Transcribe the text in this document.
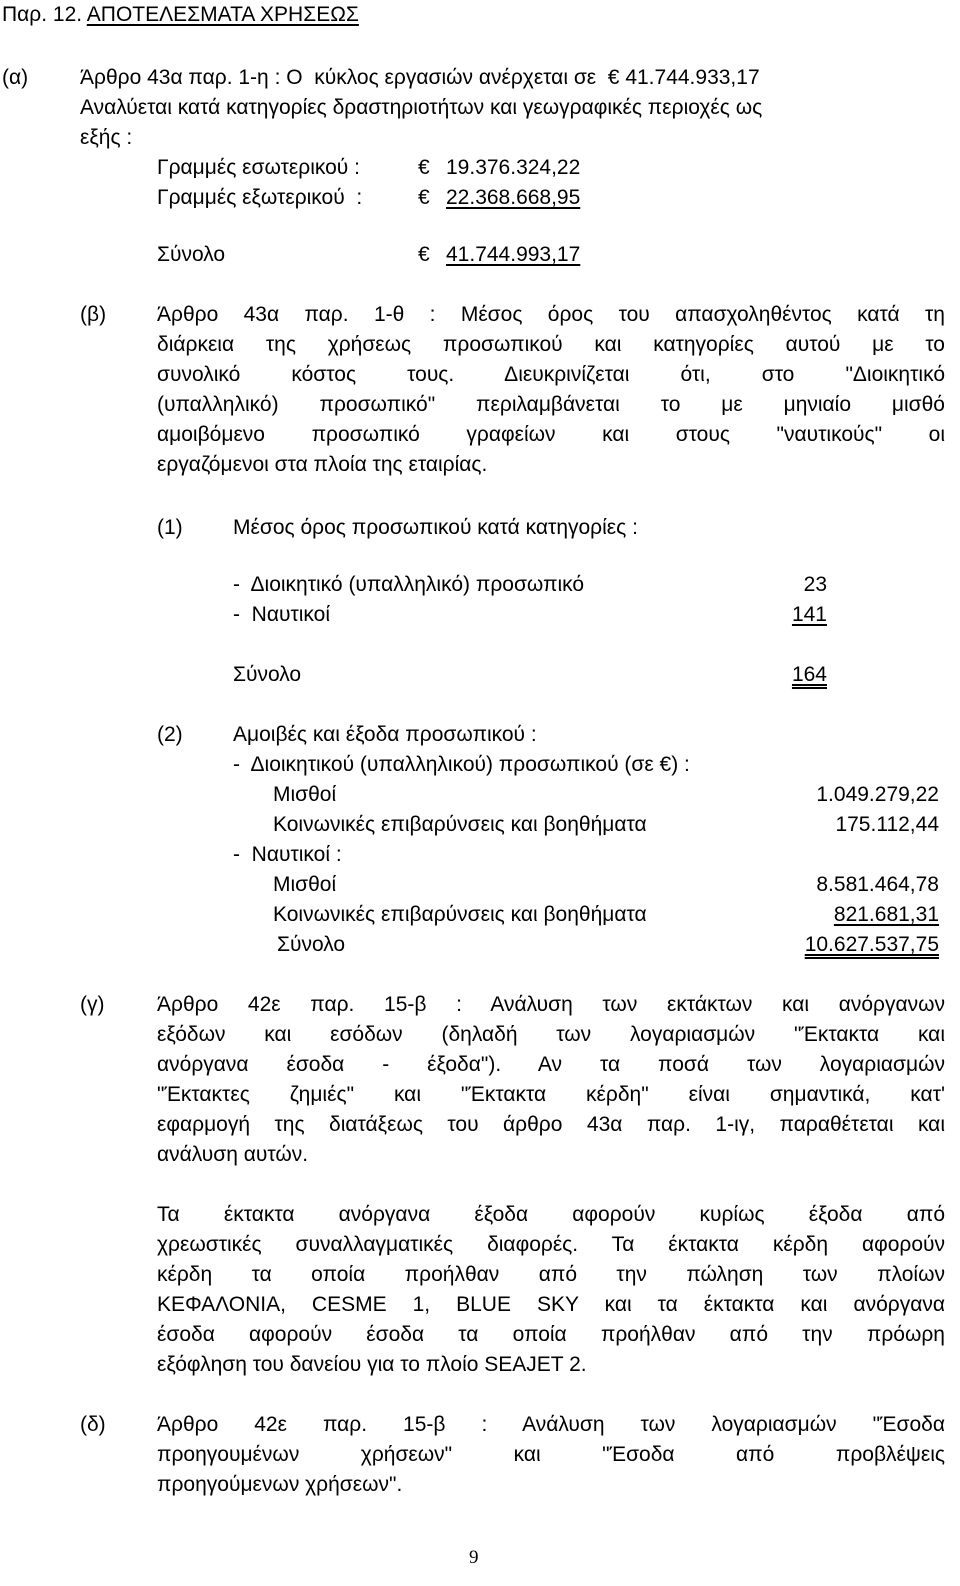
Παρ. 12. ΑΠΟΤΕΛΕΣΜΑΤΑ ΧΡΗΣΕΩΣ
(α) Άρθρο 43α παρ. 1-η : Ο  κύκλος εργασιών ανέρχεται σε  € 41.744.933,17
Αναλύεται κατά κατηγορίες δραστηριοτήτων και γεωγραφικές περιοχές ως
εξής :
Γραμμές εσωτερικού :	€ 19.376.324,22
Γραμμές εξωτερικού  :	€ 22.368.668,95
Σύνολο	€ 41.744.993,17
(β) Άρθρο 43α παρ. 1-θ : Μέσος όρος του απασχοληθέντος κατά τη
διάρκεια της χρήσεως προσωπικού και κατηγορίες αυτού με το
συνολικό κόστος τους. Διευκρινίζεται ότι, στο "Διοικητικό
(υπαλληλικό) προσωπικό" περιλαμβάνεται το με μηνιαίο μισθό
αμοιβόμενο προσωπικό γραφείων και στους "ναυτικούς" οι
εργαζόμενοι στα πλοία της εταιρίας.
(1) Μέσος όρος προσωπικού κατά κατηγορίες :
-  Διοικητικό (υπαλληλικό) προσωπικό	23
-  Ναυτικοί	141
Σύνολο	164
(2) Αμοιβές και έξοδα προσωπικού :
-  Διοικητικού (υπαλληλικού) προσωπικού (σε €) :
Μισθοί	1.049.279,22
Κοινωνικές επιβαρύνσεις και βοηθήματα	175.112,44
-  Ναυτικοί :
Μισθοί	8.581.464,78
Κοινωνικές επιβαρύνσεις και βοηθήματα	821.681,31
Σύνολο	10.627.537,75
(γ)	Άρθρο 42ε παρ. 15-β : Ανάλυση των εκτάκτων και ανόργανων
εξόδων και εσόδων (δηλαδή των λογαριασμών "Έκτακτα και
ανόργανα έσοδα - έξοδα"). Αν τα ποσά των λογαριασμών
"Έκτακτες ζημιές" και "Έκτακτα κέρδη" είναι σημαντικά, κατ'
εφαρμογή της διατάξεως του άρθρο 43α παρ. 1-ιγ, παραθέτεται και
ανάλυση αυτών.
Τα έκτακτα ανόργανα έξοδα αφορούν κυρίως έξοδα από
χρεωστικές συναλλαγματικές διαφορές. Τα έκτακτα κέρδη αφορούν
κέρδη τα οποία προήλθαν από την πώληση των πλοίων
ΚΕΦΑΛΟΝΙΑ, CESME 1, BLUE SKY και τα έκτακτα και ανόργανα
έσοδα αφορούν έσοδα τα οποία προήλθαν από την πρόωρη
εξόφληση του δανείου για το πλοίο SEAJET 2.
(δ) Άρθρο 42ε παρ. 15-β : Ανάλυση των λογαριασμών "Έσοδα
προηγουμένων χρήσεων" και "Έσοδα από προβλέψεις
προηγούμενων χρήσεων".
9
